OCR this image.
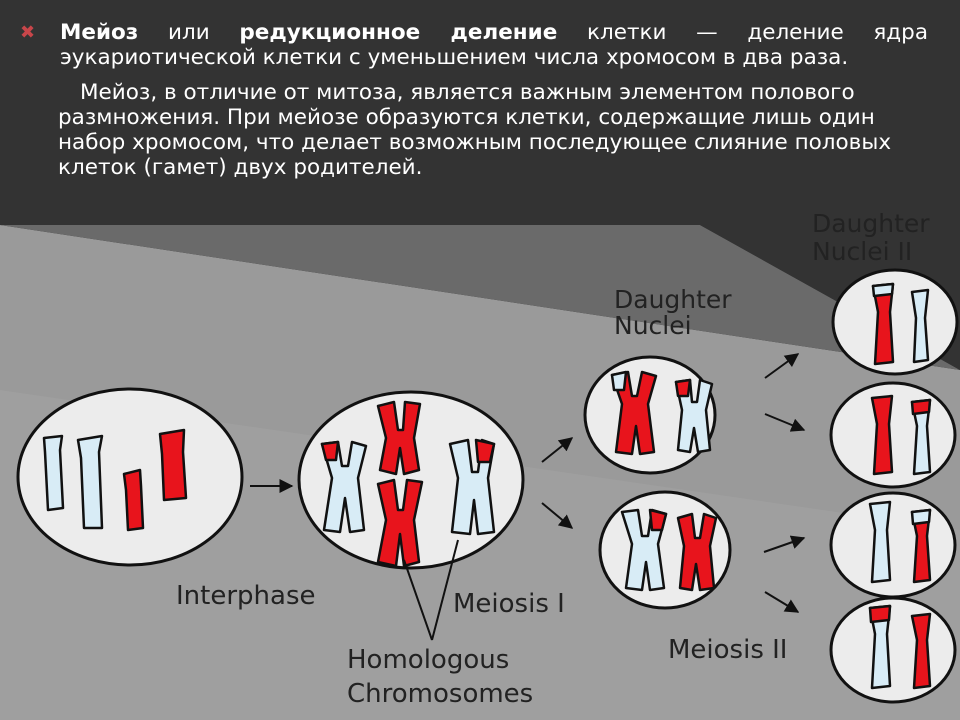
✖	Мейоз или редукционное деление клетки — деление ядра эукариотической клетки с уменьшением числа хромосом в два раза.
Мейоз, в отличие от митоза, является важным элементом полового размножения. При мейозе образуются клетки, содержащие лишь один набор хромосом, что делает возможным последующее слияние половых клеток (гамет) двух родителей.
Interphase	Meiosis I
Homologous
Chromosomes
Daughter
Nuclei
Daughter
Nuclei II
Meiosis II
